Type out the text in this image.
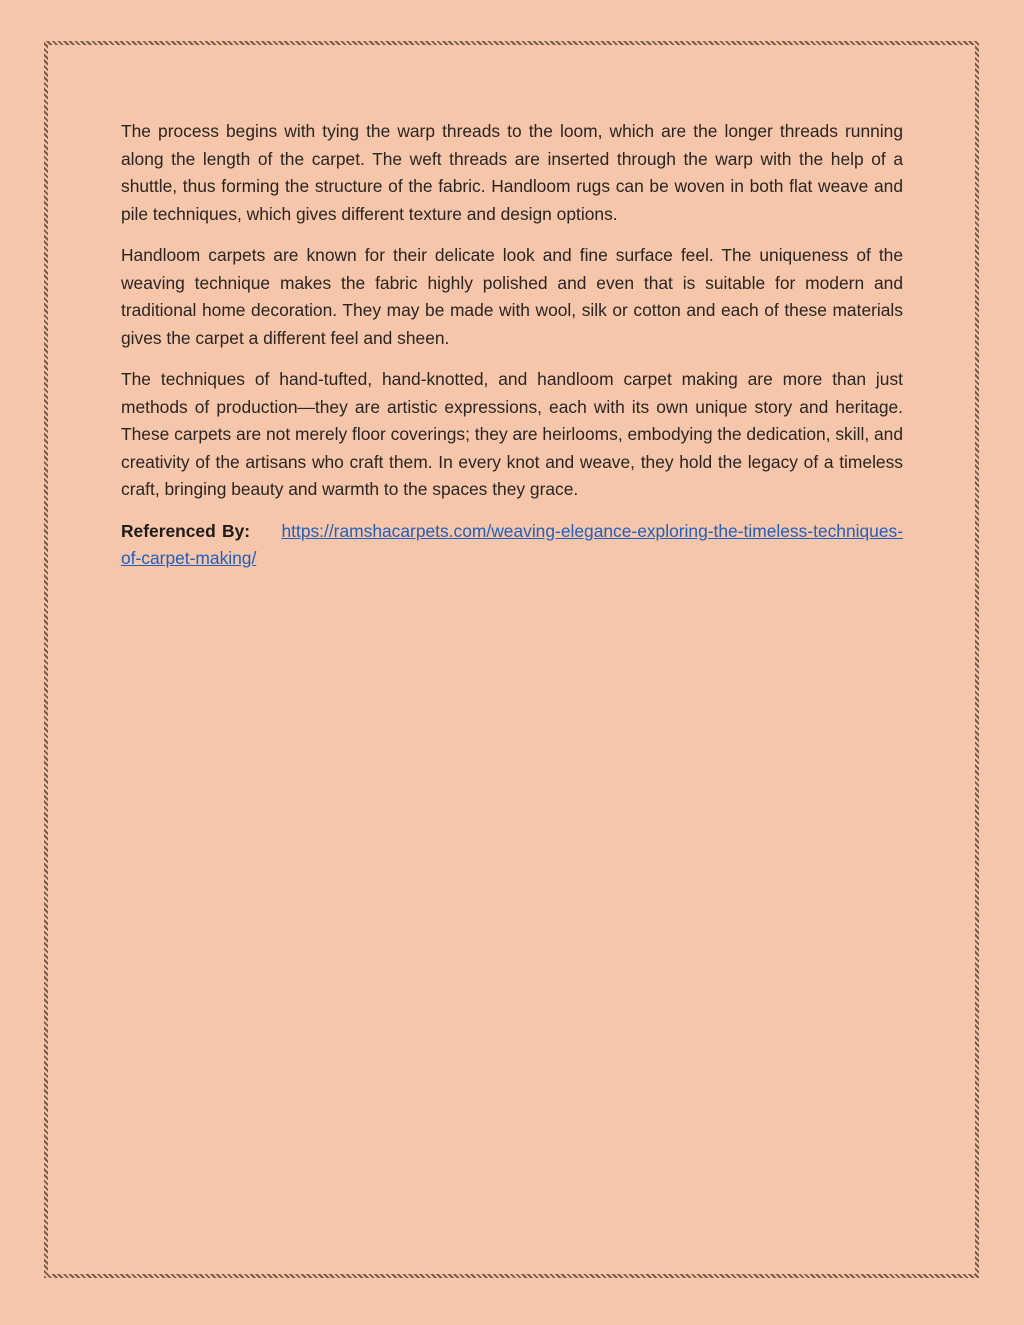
The process begins with tying the warp threads to the loom, which are the longer threads running along the length of the carpet. The weft threads are inserted through the warp with the help of a shuttle, thus forming the structure of the fabric. Handloom rugs can be woven in both flat weave and pile techniques, which gives different texture and design options.

Handloom carpets are known for their delicate look and fine surface feel. The uniqueness of the weaving technique makes the fabric highly polished and even that is suitable for modern and traditional home decoration. They may be made with wool, silk or cotton and each of these materials gives the carpet a different feel and sheen.

The techniques of hand-tufted, hand-knotted, and handloom carpet making are more than just methods of production—they are artistic expressions, each with its own unique story and heritage. These carpets are not merely floor coverings; they are heirlooms, embodying the dedication, skill, and creativity of the artisans who craft them. In every knot and weave, they hold the legacy of a timeless craft, bringing beauty and warmth to the spaces they grace.

Referenced By: https://ramshacarpets.com/weaving-elegance-exploring-the-timeless-techniques-of-carpet-making/
